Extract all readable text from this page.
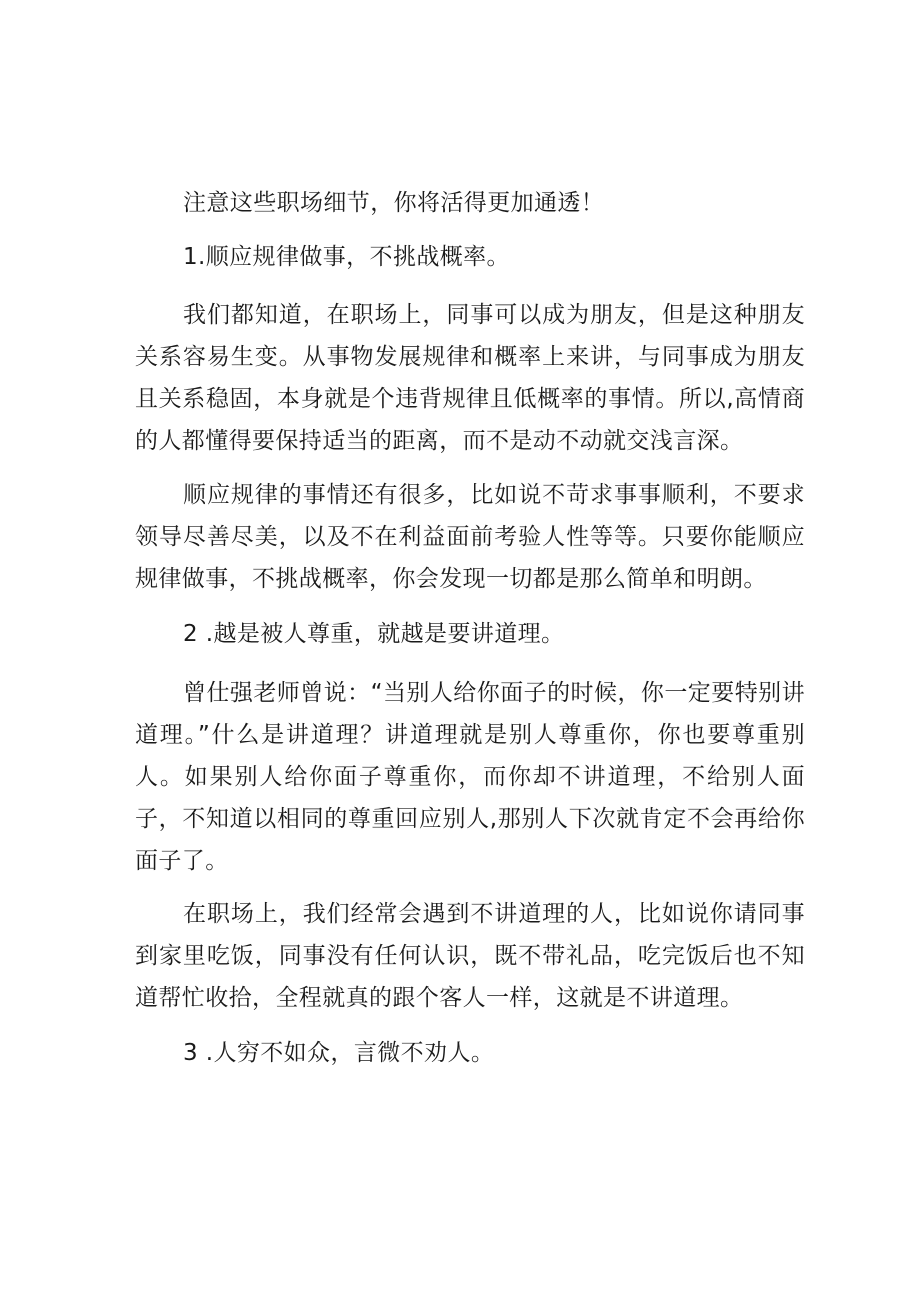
注意这些职场细节，你将活得更加通透！
1.顺应规律做事，不挑战概率。
我们都知道，在职场上，同事可以成为朋友，但是这种朋友关系容易生变。从事物发展规律和概率上来讲，与同事成为朋友且关系稳固，本身就是个违背规律且低概率的事情。所以,高情商的人都懂得要保持适当的距离，而不是动不动就交浅言深。
顺应规律的事情还有很多，比如说不苛求事事顺利，不要求领导尽善尽美，以及不在利益面前考验人性等等。只要你能顺应规律做事，不挑战概率，你会发现一切都是那么简单和明朗。
2 .越是被人尊重，就越是要讲道理。
曾仕强老师曾说：“当别人给你面子的时候，你一定要特别讲道理。”什么是讲道理？讲道理就是别人尊重你，你也要尊重别人。如果别人给你面子尊重你，而你却不讲道理，不给别人面子，不知道以相同的尊重回应别人,那别人下次就肯定不会再给你面子了。
在职场上，我们经常会遇到不讲道理的人，比如说你请同事到家里吃饭，同事没有任何认识，既不带礼品，吃完饭后也不知道帮忙收拾，全程就真的跟个客人一样，这就是不讲道理。
3 .人穷不如众，言微不劝人。
